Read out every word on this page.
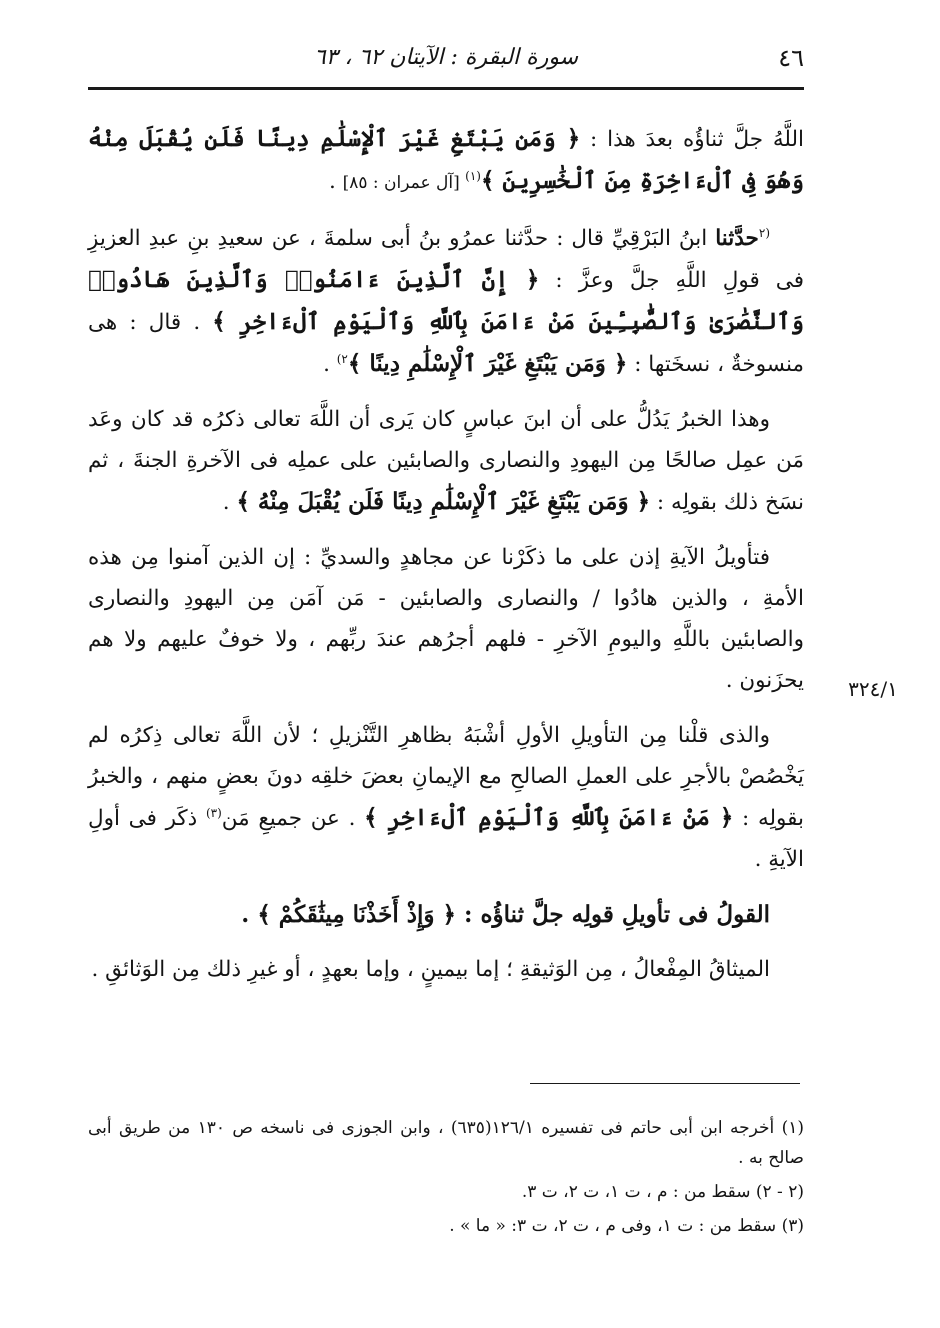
٤٦
سورة البقرة : الآيتان ٦٢ ، ٦٣

اللَّهُ جلَّ ثناؤُه بعدَ هذا : ﴿ وَمَن يَبْتَغِ غَيْرَ ٱلْإِسْلَٰمِ دِينًا فَلَن يُقْبَلَ مِنْهُ وَهُوَ فِى ٱلْءَاخِرَةِ مِنَ ٱلْخَٰسِرِينَ ﴾$^{(١)}$ [آل عمران : ٨٥] .

$^{(٢}$حدَّثنا ابنُ البَرْقِيِّ قال : حدَّثنا عمرُو بنُ أبى سلمةَ ، عن سعيدِ بنِ عبدِ العزيزِ فى قولِ اللَّهِ جلَّ وعزَّ : ﴿ إِنَّ ٱلَّذِينَ ءَامَنُوا۟ وَٱلَّذِينَ هَادُوا۟ وَٱلنَّصَٰرَىٰ وَٱلصَّٰبِـِٔينَ مَنْ ءَامَنَ بِٱللَّهِ وَٱلْيَوْمِ ٱلْءَاخِرِ ﴾ . قال : هى منسوخةٌ ، نسخَتها : ﴿ وَمَن يَبْتَغِ غَيْرَ ٱلْإِسْلَٰمِ دِينًا ﴾$^{٢)}$ .

وهذا الخبرُ يَدُلُّ على أن ابنَ عباسٍ كان يَرى أن اللَّهَ تعالى ذكرُه قد كان وعَد مَن عمِل صالحًا مِن اليهودِ والنصارى والصابئين على عملِه فى الآخرةِ الجنةَ ، ثم نسَخ ذلك بقولِه : ﴿ وَمَن يَبْتَغِ غَيْرَ ٱلْإِسْلَٰمِ دِينًا فَلَن يُقْبَلَ مِنْهُ ﴾ .

فتأويلُ الآيةِ إذن على ما ذكَرْنا عن مجاهدٍ والسديِّ : إن الذين آمنوا مِن هذه الأمةِ ، والذين هادُوا / والنصارى والصابئين - مَن آمَن مِن اليهودِ والنصارى والصابئين باللَّهِ واليومِ الآخرِ - فلهم أجرُهم عندَ ربِّهم ، ولا خوفٌ عليهم ولا هم يحزَنون .

والذى قلْنا مِن التأويلِ الأولِ أشْبَهُ بظاهرِ التَّنْزيلِ ؛ لأن اللَّهَ تعالى ذِكرُه لم يَخْصُصْ بالأجرِ على العملِ الصالحِ مع الإيمانِ بعضَ خلقِه دونَ بعضٍ منهم ، والخبرُ بقولِه : ﴿ مَنْ ءَامَنَ بِٱللَّهِ وَٱلْيَوْمِ ٱلْءَاخِرِ ﴾ . عن جميعِ مَن$^{(٣)}$ ذكَر فى أولِ الآيةِ .

القولُ فى تأويلِ قولِه جلَّ ثناؤُه : ﴿ وَإِذْ أَخَذْنَا مِيثَٰقَكُمْ ﴾ .

الميثاقُ المِفْعالُ ، مِن الوَثيقةِ ؛ إما بيمينٍ ، وإما بعهدٍ ، أو غيرِ ذلك مِن الوَثائقِ .

٣٢٤/١

(١) أخرجه ابن أبى حاتم فى تفسيره ١٢٦/١(٦٣٥) ، وابن الجوزى فى ناسخه ص ١٣٠ من طريق أبى صالح به .

(٢ - ٢) سقط من : م ، ت ١، ت ٢، ت ٣.

(٣) سقط من : ت ١، وفى م ، ت ٢، ت ٣: « ما » .
